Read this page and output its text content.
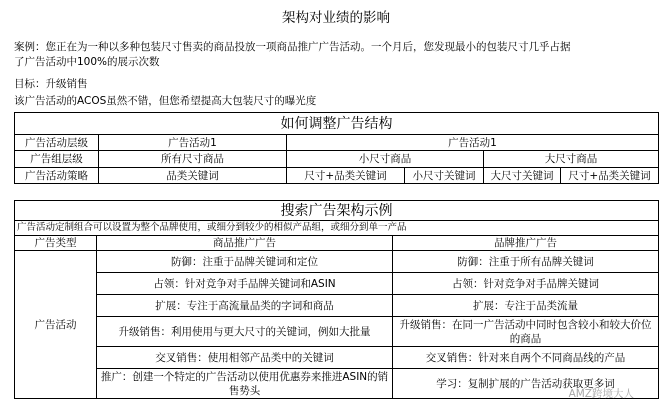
架构对业绩的影响
案例：您正在为一种以多种包装尺寸售卖的商品投放一项商品推广广告活动。一个月后，您发现最小的包装尺寸几乎占据
了广告活动中100%的展示次数
目标：升级销售
该广告活动的ACOS虽然不错，但您希望提高大包装尺寸的曝光度
如何调整广告结构					
广告活动层级	广告活动1	广告活动1			
广告组层级	所有尺寸商品	小尺寸商品		大尺寸商品	
广告活动策略	品类关键词	尺寸+品类关键词	小尺寸关键词	大尺寸关键词	尺寸+品类关键词
搜索广告架构示例		
广告活动定制组合可以设置为整个品牌使用，或细分到较少的相似产品组，或细分到单一产品		
广告类型	商品推广广告	品牌推广广告
广告活动	防御：注重于品牌关键词和定位	防御：注重于所有品牌关键词
	占领：针对竞争对手品牌关键词和ASIN	占领：针对竞争对手品牌关键词
	扩展：专注于高流量品类的字词和商品	扩展：专注于品类流量
	升级销售：利用使用与更大尺寸的关键词，例如大批量	升级销售：在同一广告活动中同时包含较小和较大价位的商品
	交叉销售：使用相邻产品类中的关键词	交叉销售：针对来自两个不同商品线的产品
	推广：创建一个特定的广告活动以使用优惠券来推进ASIN的销售势头	学习：复制扩展的广告活动获取更多词
AMZ跨境大人
